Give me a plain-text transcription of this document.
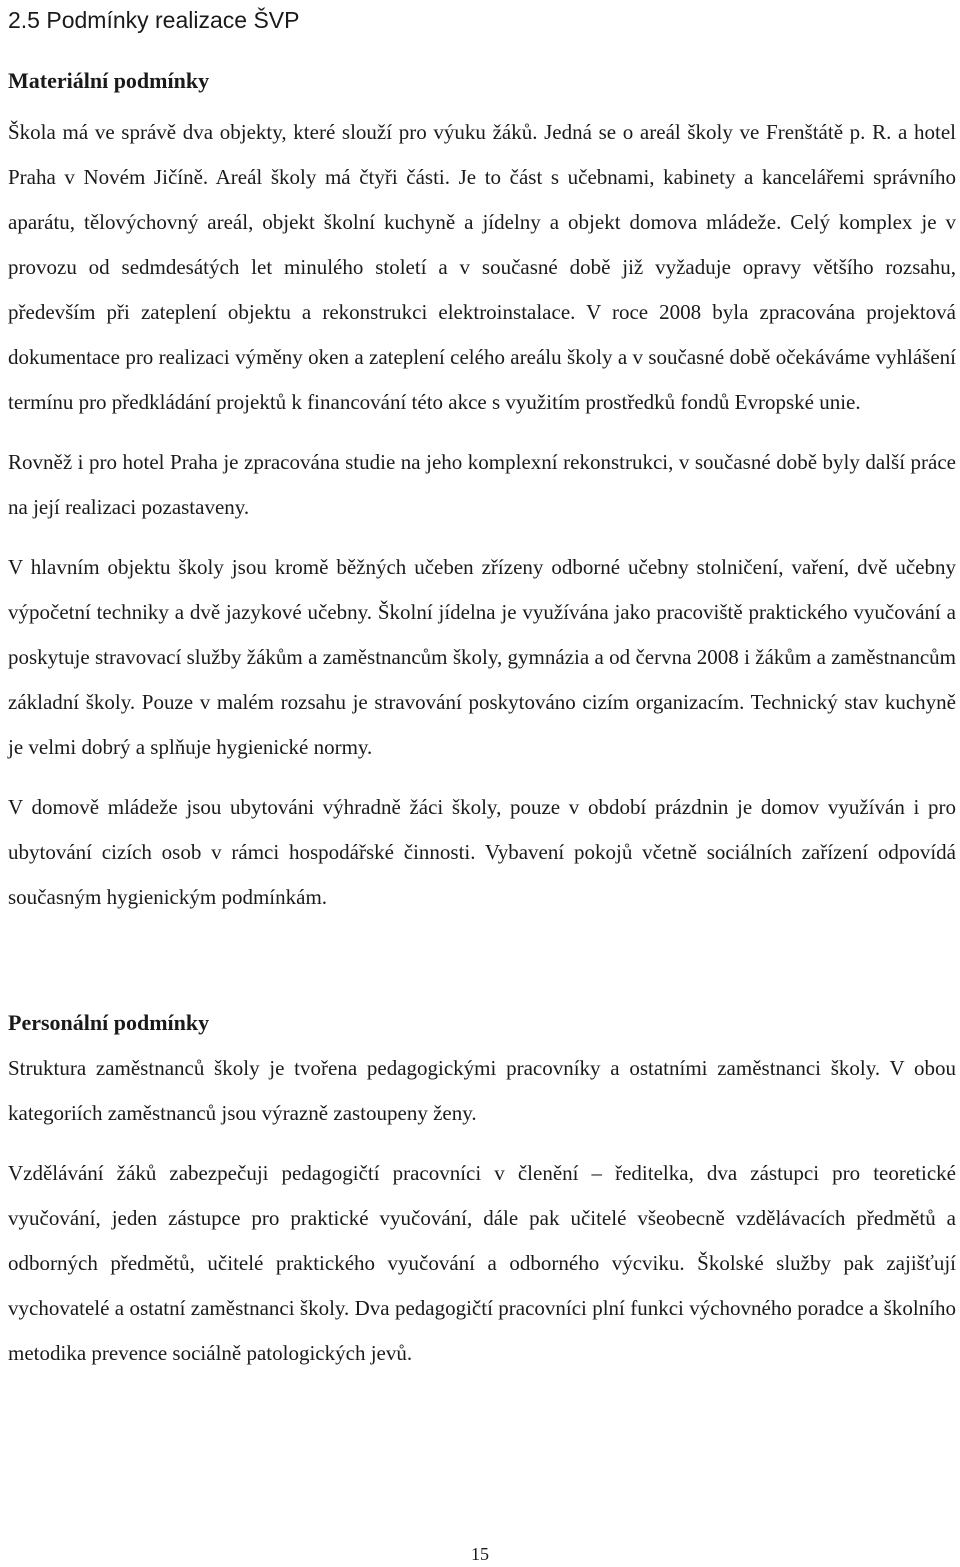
2.5 Podmínky realizace ŠVP
Materiální podmínky

Škola má ve správě dva objekty, které slouží pro výuku žáků. Jedná se o areál školy ve Frenštátě p. R. a hotel Praha v Novém Jičíně. Areál školy má čtyři části. Je to část s učebnami, kabinety a kancelářemi správního aparátu, tělovýchovný areál, objekt školní kuchyně a jídelny a objekt domova mládeže. Celý komplex je v provozu od sedmdesátých let minulého století a v současné době již vyžaduje opravy většího rozsahu, především při zateplení objektu a rekonstrukci elektroinstalace. V roce 2008 byla zpracována projektová dokumentace pro realizaci výměny oken a zateplení celého areálu školy a v současné době očekáváme vyhlášení termínu pro předkládání projektů k financování této akce s využitím prostředků fondů Evropské unie.

Rovněž i pro hotel Praha je zpracována studie na jeho komplexní rekonstrukci, v současné době byly další práce na její realizaci pozastaveny.

V hlavním objektu školy jsou kromě běžných učeben zřízeny odborné učebny stolničení, vaření, dvě učebny výpočetní techniky a dvě jazykové učebny. Školní jídelna je využívána jako pracoviště praktického vyučování a poskytuje stravovací služby žákům a zaměstnancům školy, gymnázia a od června 2008 i žákům a zaměstnancům základní školy. Pouze v malém rozsahu je stravování poskytováno cizím organizacím. Technický stav kuchyně je velmi dobrý a splňuje hygienické normy.

V domově mládeže jsou ubytováni výhradně žáci školy, pouze v období prázdnin je domov využíván i pro ubytování cizích osob v rámci hospodářské činnosti. Vybavení pokojů včetně sociálních zařízení odpovídá současným hygienickým podmínkám.

Personální podmínky

Struktura zaměstnanců školy je tvořena pedagogickými pracovníky a ostatními zaměstnanci školy. V obou kategoriích zaměstnanců jsou výrazně zastoupeny ženy.

Vzdělávání žáků zabezpečuji pedagogičtí pracovníci v členění – ředitelka, dva zástupci pro teoretické vyučování, jeden zástupce pro praktické vyučování, dále pak učitelé všeobecně vzdělávacích předmětů a odborných předmětů, učitelé praktického vyučování a odborného výcviku. Školské služby pak zajišťují vychovatelé a ostatní zaměstnanci školy. Dva pedagogičtí pracovníci plní funkci výchovného poradce a školního metodika prevence sociálně patologických jevů.

15
